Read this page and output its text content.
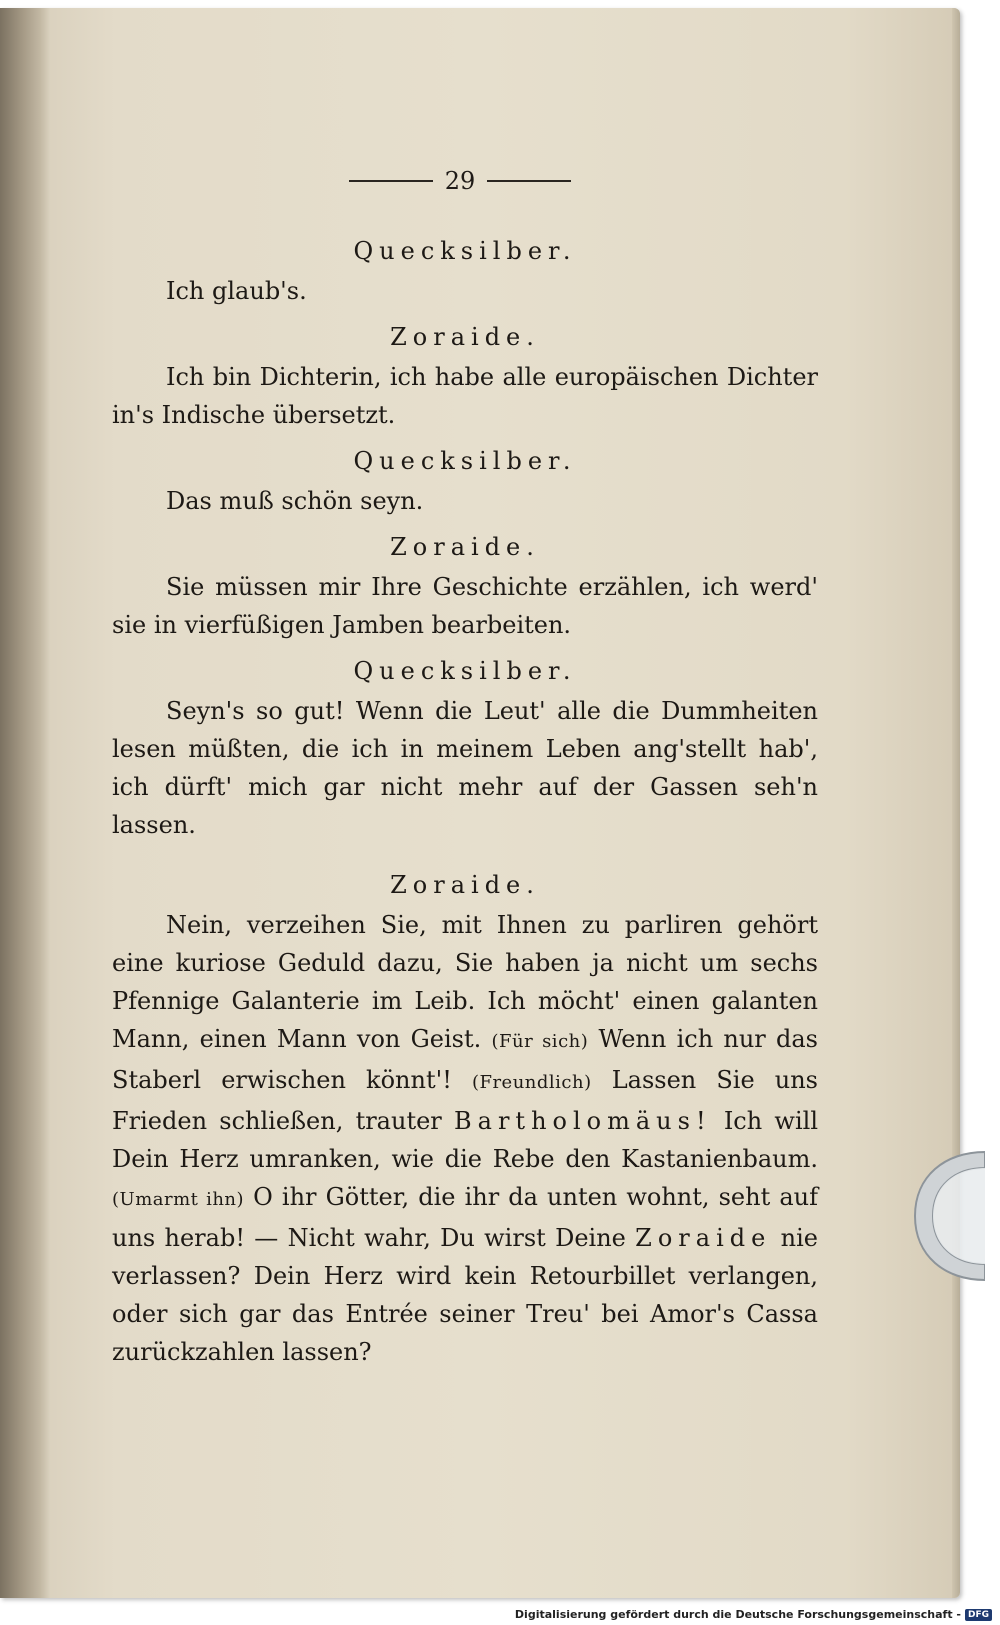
29
Quecksilber.

Ich glaub's.

Zoraide.

Ich bin Dichterin, ich habe alle europäischen Dichter in's Indische übersetzt.

Quecksilber.

Das muß schön seyn.

Zoraide.

Sie müssen mir Ihre Geschichte erzählen, ich werd' sie in vierfüßigen Jamben bearbeiten.

Quecksilber.

Seyn's so gut! Wenn die Leut' alle die Dummheiten lesen müßten, die ich in meinem Leben ang'stellt hab', ich dürft' mich gar nicht mehr auf der Gassen seh'n lassen.

Zoraide.

Nein, verzeihen Sie, mit Ihnen zu parliren gehört eine kuriose Geduld dazu, Sie haben ja nicht um sechs Pfennige Galanterie im Leib. Ich möcht' einen galanten Mann, einen Mann von Geist. (Für sich) Wenn ich nur das Staberl erwischen könnt'! (Freundlich) Lassen Sie uns Frieden schließen, trauter Bartholomäus! Ich will Dein Herz umranken, wie die Rebe den Kastanienbaum. (Umarmt ihn) O ihr Götter, die ihr da unten wohnt, seht auf uns herab! — Nicht wahr, Du wirst Deine Zoraide nie verlassen? Dein Herz wird kein Retourbillet verlangen, oder sich gar das Entrée seiner Treu' bei Amor's Cassa zurückzahlen lassen?

Digitalisierung gefördert durch die Deutsche Forschungsgemeinschaft - DFG
